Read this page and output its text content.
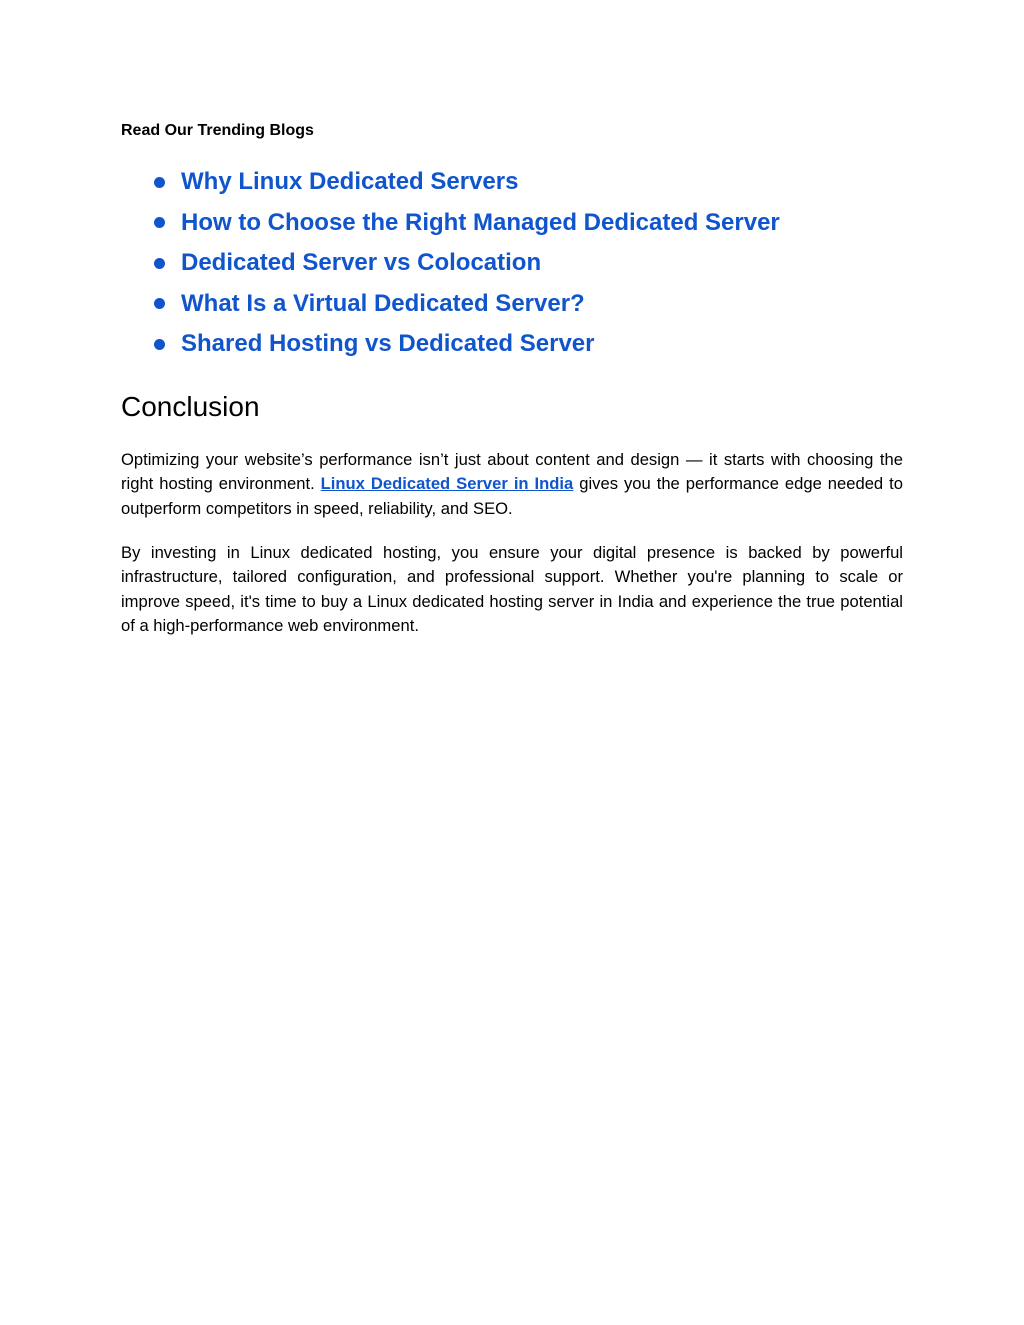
Read Our Trending Blogs
Why Linux Dedicated Servers
How to Choose the Right Managed Dedicated Server
Dedicated Server vs Colocation
What Is a Virtual Dedicated Server?
Shared Hosting vs Dedicated Server
Conclusion

Optimizing your website’s performance isn’t just about content and design — it starts with choosing the right hosting environment. Linux Dedicated Server in India gives you the performance edge needed to outperform competitors in speed, reliability, and SEO.

By investing in Linux dedicated hosting, you ensure your digital presence is backed by powerful infrastructure, tailored configuration, and professional support. Whether you're planning to scale or improve speed, it's time to buy a Linux dedicated hosting server in India and experience the true potential of a high-performance web environment.
